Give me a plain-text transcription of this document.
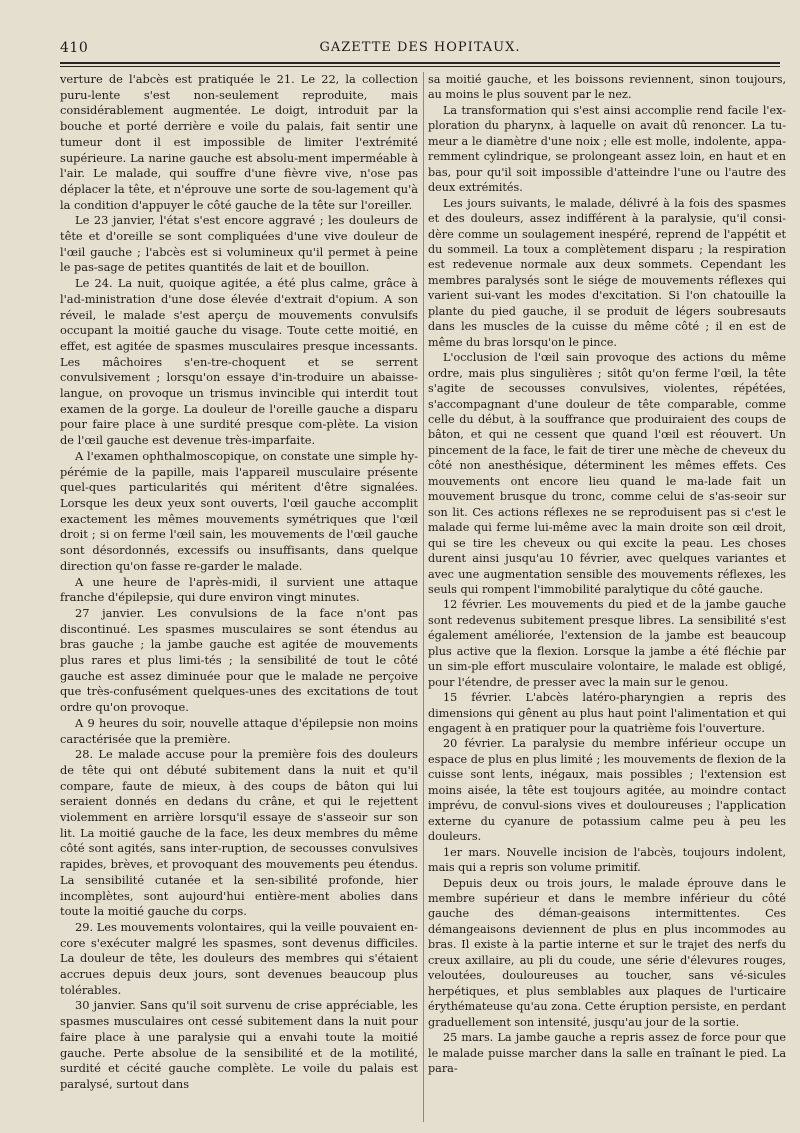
410	GAZETTE DES HOPITAUX.

verture de l'abcès est pratiquée le 21. Le 22, la collection puru-lente s'est non-seulement reproduite, mais considérablement augmentée. Le doigt, introduit par la bouche et porté derrière e voile du palais, fait sentir une tumeur dont il est impossible de limiter l'extrémité supérieure. La narine gauche est absolu-ment imperméable à l'air. Le malade, qui souffre d'une fièvre vive, n'ose pas déplacer la tête, et n'éprouve une sorte de sou-lagement qu'à la condition d'appuyer le côté gauche de la tête sur l'oreiller.

Le 23 janvier, l'état s'est encore aggravé ; les douleurs de tête et d'oreille se sont compliquées d'une vive douleur de l'œil gauche ; l'abcès est si volumineux qu'il permet à peine le pas-sage de petites quantités de lait et de bouillon.

Le 24. La nuit, quoique agitée, a été plus calme, grâce à l'ad-ministration d'une dose élevée d'extrait d'opium. A son réveil, le malade s'est aperçu de mouvements convulsifs occupant la moitié gauche du visage. Toute cette moitié, en effet, est agitée de spasmes musculaires presque incessants. Les mâchoires s'en-tre-choquent et se serrent convulsivement ; lorsqu'on essaye d'in-troduire un abaisse-langue, on provoque un trismus invincible qui interdit tout examen de la gorge. La douleur de l'oreille gauche a disparu pour faire place à une surdité presque com-plète. La vision de l'œil gauche est devenue très-imparfaite.

A l'examen ophthalmoscopique, on constate une simple hy-pérémie de la papille, mais l'appareil musculaire présente quel-ques particularités qui méritent d'être signalées. Lorsque les deux yeux sont ouverts, l'œil gauche accomplit exactement les mêmes mouvements symétriques que l'œil droit ; si on ferme l'œil sain, les mouvements de l'œil gauche sont désordonnés, excessifs ou insuffisants, dans quelque direction qu'on fasse re-garder le malade.

A une heure de l'après-midi, il survient une attaque franche d'épilepsie, qui dure environ vingt minutes.

27 janvier. Les convulsions de la face n'ont pas discontinué. Les spasmes musculaires se sont étendus au bras gauche ; la jambe gauche est agitée de mouvements plus rares et plus limi-tés ; la sensibilité de tout le côté gauche est assez diminuée pour que le malade ne perçoive que très-confusément quelques-unes des excitations de tout ordre qu'on provoque.

A 9 heures du soir, nouvelle attaque d'épilepsie non moins caractérisée que la première.

28. Le malade accuse pour la première fois des douleurs de tête qui ont débuté subitement dans la nuit et qu'il compare, faute de mieux, à des coups de bâton qui lui seraient donnés en dedans du crâne, et qui le rejettent violemment en arrière lorsqu'il essaye de s'asseoir sur son lit. La moitié gauche de la face, les deux membres du même côté sont agités, sans inter-ruption, de secousses convulsives rapides, brèves, et provoquant des mouvements peu étendus. La sensibilité cutanée et la sen-sibilité profonde, hier incomplètes, sont aujourd'hui entière-ment abolies dans toute la moitié gauche du corps.

29. Les mouvements volontaires, qui la veille pouvaient en-core s'exécuter malgré les spasmes, sont devenus difficiles. La douleur de tête, les douleurs des membres qui s'étaient accrues depuis deux jours, sont devenues beaucoup plus tolérables.

30 janvier. Sans qu'il soit survenu de crise appréciable, les spasmes musculaires ont cessé subitement dans la nuit pour faire place à une paralysie qui a envahi toute la moitié gauche. Perte absolue de la sensibilité et de la motilité, surdité et cécité gauche complète. Le voile du palais est paralysé, surtout dans

sa moitié gauche, et les boissons reviennent, sinon toujours, au moins le plus souvent par le nez.

La transformation qui s'est ainsi accomplie rend facile l'ex-ploration du pharynx, à laquelle on avait dû renoncer. La tu-meur a le diamètre d'une noix ; elle est molle, indolente, appa-remment cylindrique, se prolongeant assez loin, en haut et en bas, pour qu'il soit impossible d'atteindre l'une ou l'autre des deux extrémités.

Les jours suivants, le malade, délivré à la fois des spasmes et des douleurs, assez indifférent à la paralysie, qu'il consi-dère comme un soulagement inespéré, reprend de l'appétit et du sommeil. La toux a complètement disparu ; la respiration est redevenue normale aux deux sommets. Cependant les membres paralysés sont le siége de mouvements réflexes qui varient sui-vant les modes d'excitation. Si l'on chatouille la plante du pied gauche, il se produit de légers soubresauts dans les muscles de la cuisse du même côté ; il en est de même du bras lorsqu'on le pince.

L'occlusion de l'œil sain provoque des actions du même ordre, mais plus singulières ; sitôt qu'on ferme l'œil, la tête s'agite de secousses convulsives, violentes, répétées, s'accompagnant d'une douleur de tête comparable, comme celle du début, à la souffrance que produiraient des coups de bâton, et qui ne cessent que quand l'œil est réouvert. Un pincement de la face, le fait de tirer une mèche de cheveux du côté non anesthésique, déterminent les mêmes effets. Ces mouvements ont encore lieu quand le ma-lade fait un mouvement brusque du tronc, comme celui de s'as-seoir sur son lit. Ces actions réflexes ne se reproduisent pas si c'est le malade qui ferme lui-même avec la main droite son œil droit, qui se tire les cheveux ou qui excite la peau. Les choses durent ainsi jusqu'au 10 février, avec quelques variantes et avec une augmentation sensible des mouvements réflexes, les seuls qui rompent l'immobilité paralytique du côté gauche.

12 février. Les mouvements du pied et de la jambe gauche sont redevenus subitement presque libres. La sensibilité s'est également améliorée, l'extension de la jambe est beaucoup plus active que la flexion. Lorsque la jambe a été fléchie par un sim-ple effort musculaire volontaire, le malade est obligé, pour l'étendre, de presser avec la main sur le genou.

15 février. L'abcès latéro-pharyngien a repris des dimensions qui gênent au plus haut point l'alimentation et qui engagent à en pratiquer pour la quatrième fois l'ouverture.

20 février. La paralysie du membre inférieur occupe un espace de plus en plus limité ; les mouvements de flexion de la cuisse sont lents, inégaux, mais possibles ; l'extension est moins aisée, la tête est toujours agitée, au moindre contact imprévu, de convul-sions vives et douloureuses ; l'application externe du cyanure de potassium calme peu à peu les douleurs.

1er mars. Nouvelle incision de l'abcès, toujours indolent, mais qui a repris son volume primitif.

Depuis deux ou trois jours, le malade éprouve dans le membre supérieur et dans le membre inférieur du côté gauche des déman-geaisons intermittentes. Ces démangeaisons deviennent de plus en plus incommodes au bras. Il existe à la partie interne et sur le trajet des nerfs du creux axillaire, au pli du coude, une série d'élevures rouges, veloutées, douloureuses au toucher, sans vé-sicules herpétiques, et plus semblables aux plaques de l'urticaire érythémateuse qu'au zona. Cette éruption persiste, en perdant graduellement son intensité, jusqu'au jour de la sortie.

25 mars. La jambe gauche a repris assez de force pour que le malade puisse marcher dans la salle en traînant le pied. La para-
